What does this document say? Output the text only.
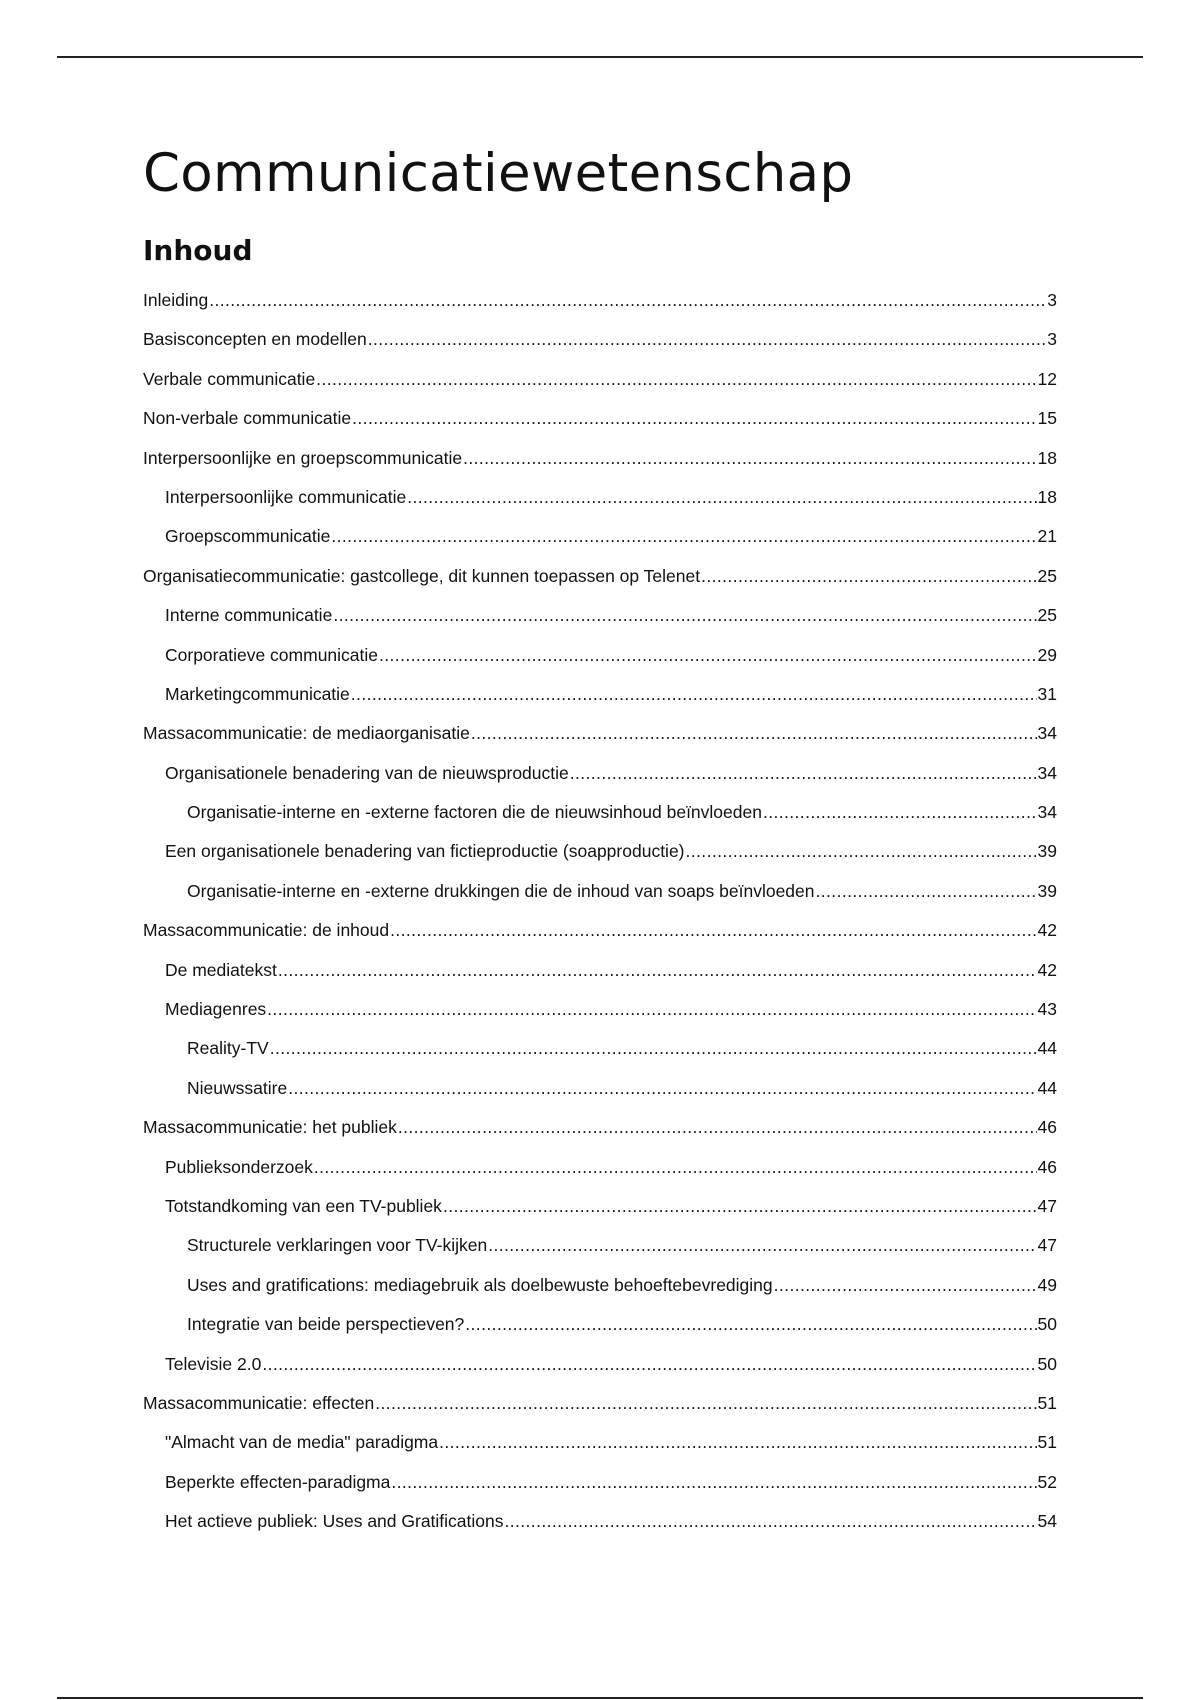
Communicatiewetenschap
Inhoud
Inleiding .....	3
Basisconcepten en modellen .....	3
Verbale communicatie .....	12
Non-verbale communicatie .....	15
Interpersoonlijke en groepscommunicatie .....	18
Interpersoonlijke communicatie .....	18
Groepscommunicatie .....	21
Organisatiecommunicatie: gastcollege, dit kunnen toepassen op Telenet .....	25
Interne communicatie .....	25
Corporatieve communicatie .....	29
Marketingcommunicatie .....	31
Massacommunicatie: de mediaorganisatie .....	34
Organisationele benadering van de nieuwsproductie .....	34
Organisatie-interne en -externe factoren die de nieuwsinhoud beïnvloeden .....	34
Een organisationele benadering van fictieproductie (soapproductie) .....	39
Organisatie-interne en -externe drukkingen die de inhoud van soaps beïnvloeden .....	39
Massacommunicatie: de inhoud .....	42
De mediatekst .....	42
Mediagenres .....	43
Reality-TV .....	44
Nieuwssatire .....	44
Massacommunicatie: het publiek .....	46
Publieksonderzoek .....	46
Totstandkoming van een TV-publiek .....	47
Structurele verklaringen voor TV-kijken .....	47
Uses and gratifications: mediagebruik als doelbewuste behoeftebevrediging .....	49
Integratie van beide perspectieven? .....	50
Televisie 2.0 .....	50
Massacommunicatie: effecten .....	51
"Almacht van de media" paradigma .....	51
Beperkte effecten-paradigma .....	52
Het actieve publiek: Uses and Gratifications .....	54
